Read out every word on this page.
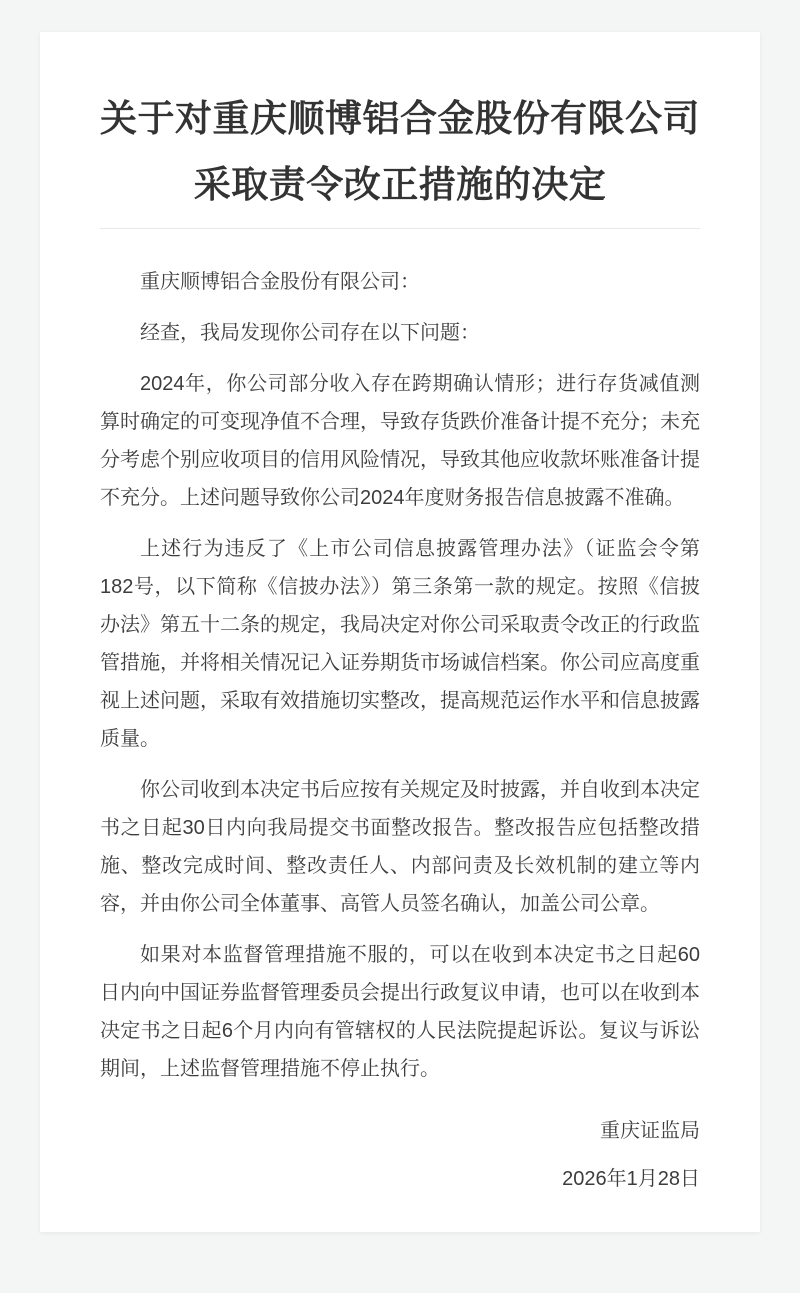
关于对重庆顺博铝合金股份有限公司
采取责令改正措施的决定

重庆顺博铝合金股份有限公司：

经查，我局发现你公司存在以下问题：

2024年，你公司部分收入存在跨期确认情形；进行存货减值测算时确定的可变现净值不合理，导致存货跌价准备计提不充分；未充分考虑个别应收项目的信用风险情况，导致其他应收款坏账准备计提不充分。上述问题导致你公司2024年度财务报告信息披露不准确。

上述行为违反了《上市公司信息披露管理办法》（证监会令第182号，以下简称《信披办法》）第三条第一款的规定。按照《信披办法》第五十二条的规定，我局决定对你公司采取责令改正的行政监管措施，并将相关情况记入证券期货市场诚信档案。你公司应高度重视上述问题，采取有效措施切实整改，提高规范运作水平和信息披露质量。

你公司收到本决定书后应按有关规定及时披露，并自收到本决定书之日起30日内向我局提交书面整改报告。整改报告应包括整改措施、整改完成时间、整改责任人、内部问责及长效机制的建立等内容，并由你公司全体董事、高管人员签名确认，加盖公司公章。

如果对本监督管理措施不服的，可以在收到本决定书之日起60日内向中国证券监督管理委员会提出行政复议申请，也可以在收到本决定书之日起6个月内向有管辖权的人民法院提起诉讼。复议与诉讼期间，上述监督管理措施不停止执行。

重庆证监局
2026年1月28日
